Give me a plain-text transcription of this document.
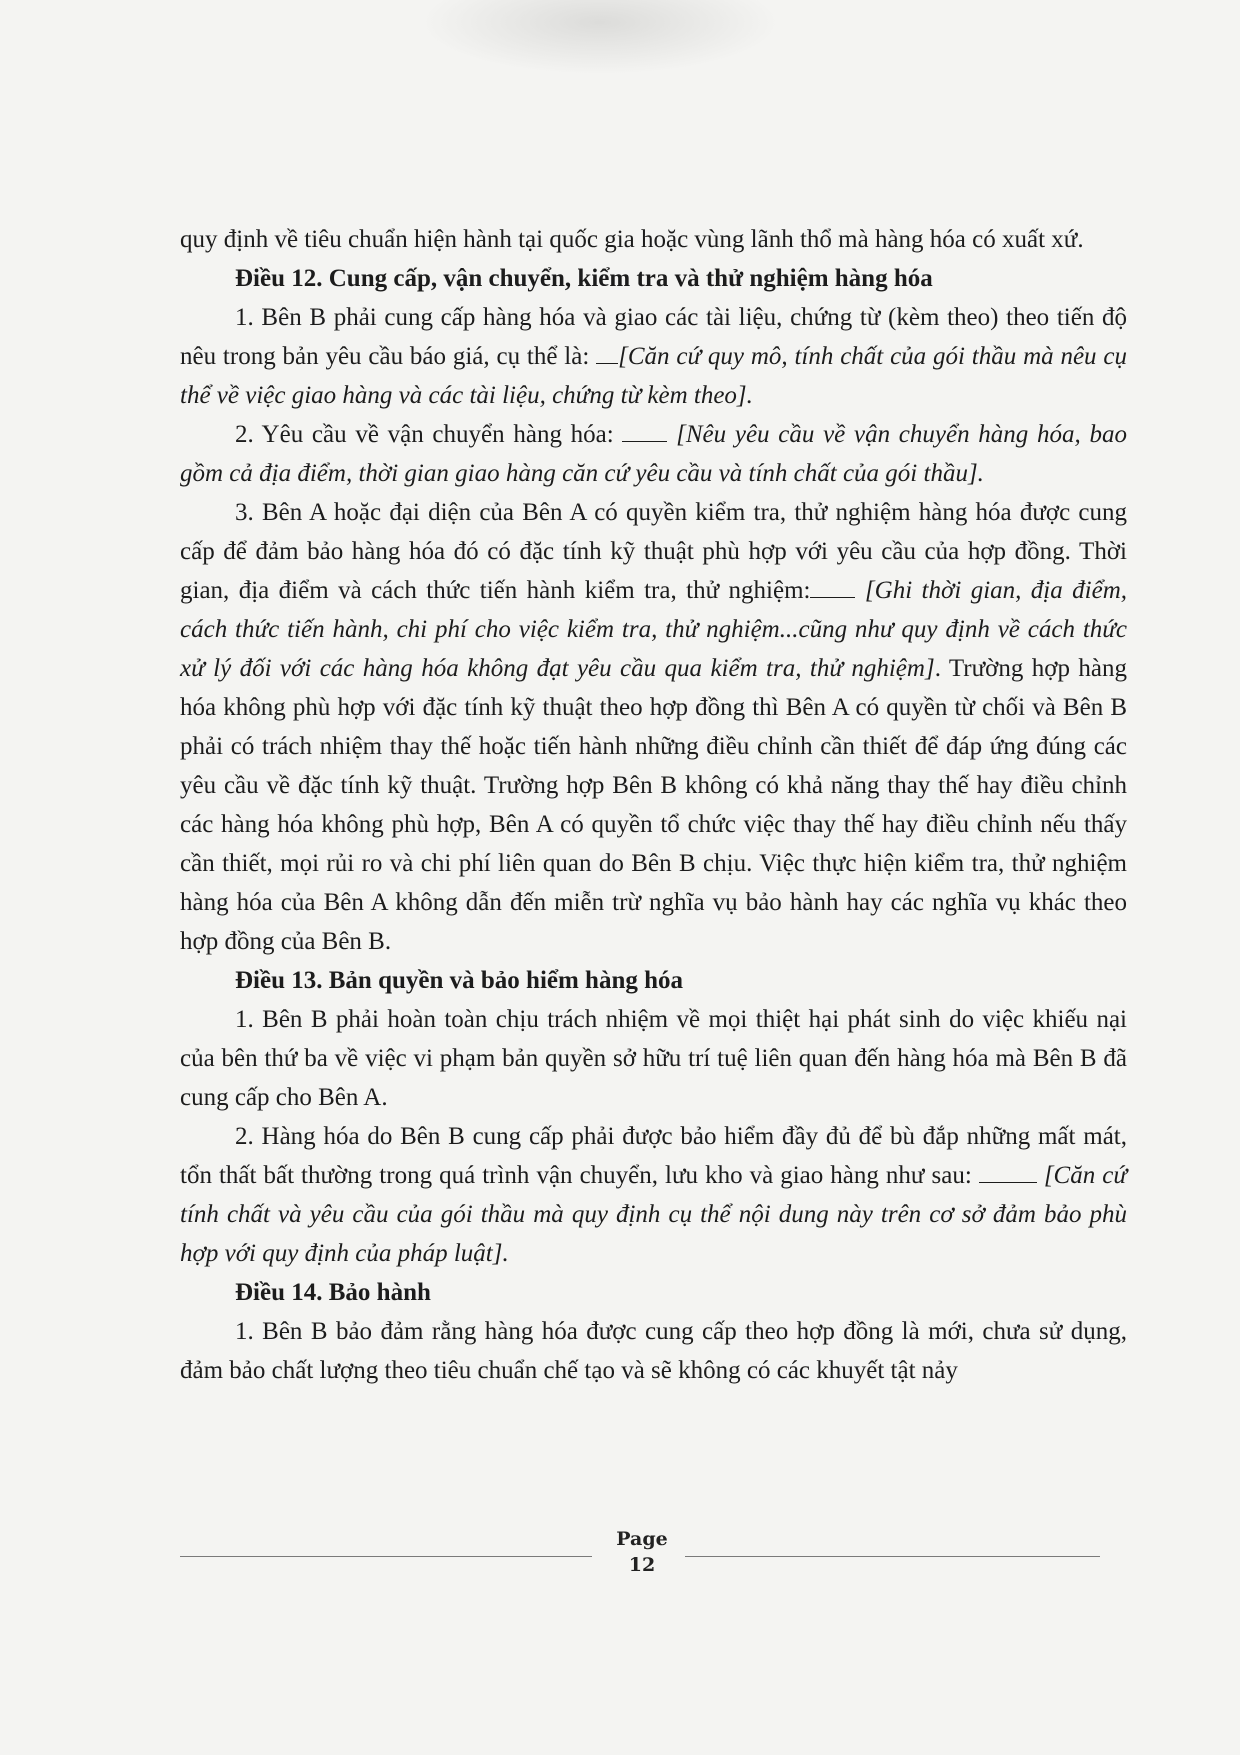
quy định về tiêu chuẩn hiện hành tại quốc gia hoặc vùng lãnh thổ mà hàng hóa có xuất xứ.

Điều 12. Cung cấp, vận chuyển, kiểm tra và thử nghiệm hàng hóa

1. Bên B phải cung cấp hàng hóa và giao các tài liệu, chứng từ (kèm theo) theo tiến độ nêu trong bản yêu cầu báo giá, cụ thể là: [Căn cứ quy mô, tính chất của gói thầu mà nêu cụ thể về việc giao hàng và các tài liệu, chứng từ kèm theo].

2. Yêu cầu về vận chuyển hàng hóa:  [Nêu yêu cầu về vận chuyển hàng hóa, bao gồm cả địa điểm, thời gian giao hàng căn cứ yêu cầu và tính chất của gói thầu].

3. Bên A hoặc đại diện của Bên A có quyền kiểm tra, thử nghiệm hàng hóa được cung cấp để đảm bảo hàng hóa đó có đặc tính kỹ thuật phù hợp với yêu cầu của hợp đồng. Thời gian, địa điểm và cách thức tiến hành kiểm tra, thử nghiệm: [Ghi thời gian, địa điểm, cách thức tiến hành, chi phí cho việc kiểm tra, thử nghiệm...cũng như quy định về cách thức xử lý đối với các hàng hóa không đạt yêu cầu qua kiểm tra, thử nghiệm]. Trường hợp hàng hóa không phù hợp với đặc tính kỹ thuật theo hợp đồng thì Bên A có quyền từ chối và Bên B phải có trách nhiệm thay thế hoặc tiến hành những điều chỉnh cần thiết để đáp ứng đúng các yêu cầu về đặc tính kỹ thuật. Trường hợp Bên B không có khả năng thay thế hay điều chỉnh các hàng hóa không phù hợp, Bên A có quyền tổ chức việc thay thế hay điều chỉnh nếu thấy cần thiết, mọi rủi ro và chi phí liên quan do Bên B chịu. Việc thực hiện kiểm tra, thử nghiệm hàng hóa của Bên A không dẫn đến miễn trừ nghĩa vụ bảo hành hay các nghĩa vụ khác theo hợp đồng của Bên B.

Điều 13. Bản quyền và bảo hiểm hàng hóa

1. Bên B phải hoàn toàn chịu trách nhiệm về mọi thiệt hại phát sinh do việc khiếu nại của bên thứ ba về việc vi phạm bản quyền sở hữu trí tuệ liên quan đến hàng hóa mà Bên B đã cung cấp cho Bên A.

2. Hàng hóa do Bên B cung cấp phải được bảo hiểm đầy đủ để bù đắp những mất mát, tổn thất bất thường trong quá trình vận chuyển, lưu kho và giao hàng như sau:  [Căn cứ tính chất và yêu cầu của gói thầu mà quy định cụ thể nội dung này trên cơ sở đảm bảo phù hợp với quy định của pháp luật].

Điều 14. Bảo hành

1. Bên B bảo đảm rằng hàng hóa được cung cấp theo hợp đồng là mới, chưa sử dụng, đảm bảo chất lượng theo tiêu chuẩn chế tạo và sẽ không có các khuyết tật nảy

Page
12
